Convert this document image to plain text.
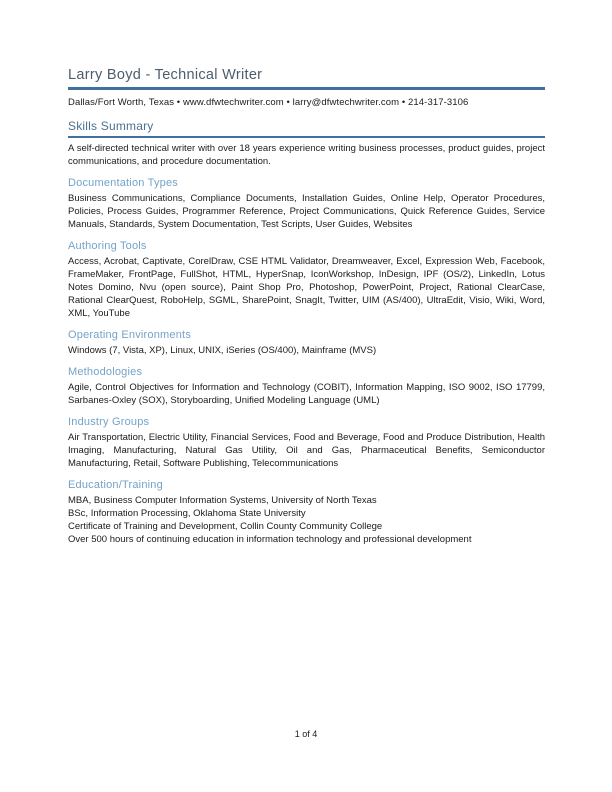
Larry Boyd - Technical Writer
Dallas/Fort Worth, Texas • www.dfwtechwriter.com • larry@dfwtechwriter.com • 214-317-3106
Skills Summary

A self-directed technical writer with over 18 years experience writing business processes, product guides, project communications, and procedure documentation.

Documentation Types

Business Communications, Compliance Documents, Installation Guides, Online Help, Operator Procedures, Policies, Process Guides, Programmer Reference, Project Communications, Quick Reference Guides, Service Manuals, Standards, System Documentation, Test Scripts, User Guides, Websites

Authoring Tools

Access, Acrobat, Captivate, CorelDraw, CSE HTML Validator, Dreamweaver, Excel, Expression Web, Facebook, FrameMaker, FrontPage, FullShot, HTML, HyperSnap, IconWorkshop, InDesign, IPF (OS/2), LinkedIn, Lotus Notes Domino, Nvu (open source), Paint Shop Pro, Photoshop, PowerPoint, Project, Rational ClearCase, Rational ClearQuest, RoboHelp, SGML, SharePoint, SnagIt, Twitter, UIM (AS/400), UltraEdit, Visio, Wiki, Word, XML, YouTube

Operating Environments

Windows (7, Vista, XP), Linux, UNIX, iSeries (OS/400), Mainframe (MVS)

Methodologies

Agile, Control Objectives for Information and Technology (COBIT), Information Mapping, ISO 9002, ISO 17799, Sarbanes-Oxley (SOX), Storyboarding, Unified Modeling Language (UML)

Industry Groups

Air Transportation, Electric Utility, Financial Services, Food and Beverage, Food and Produce Distribution, Health Imaging, Manufacturing, Natural Gas Utility, Oil and Gas, Pharmaceutical Benefits, Semiconductor Manufacturing, Retail, Software Publishing, Telecommunications

Education/Training
MBA, Business Computer Information Systems, University of North Texas
BSc, Information Processing, Oklahoma State University
Certificate of Training and Development, Collin County Community College
Over 500 hours of continuing education in information technology and professional development
1 of 4
